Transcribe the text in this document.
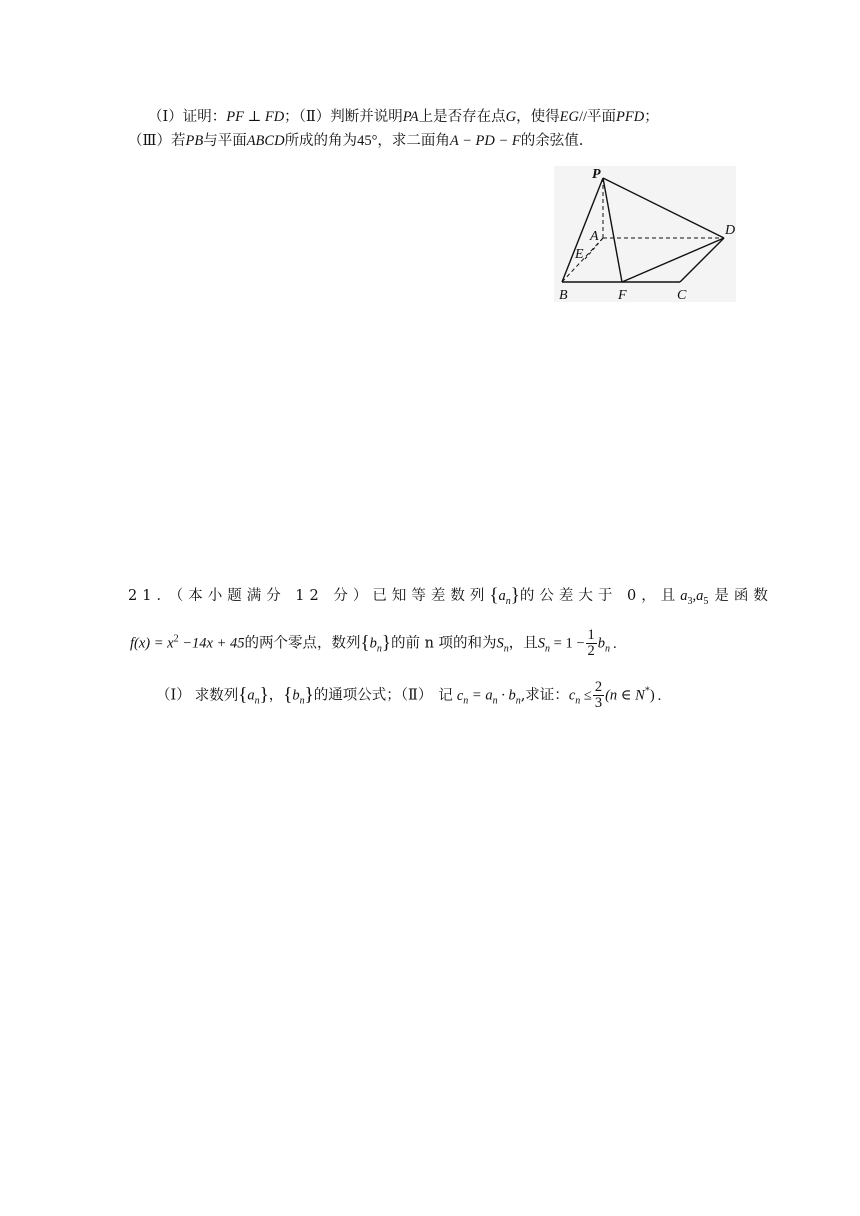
（Ⅰ）证明：PF ⊥ FD；（Ⅱ）判断并说明PA上是否存在点G，使得EG//平面PFD；
（Ⅲ）若PB与平面ABCD所成的角为45°，求二面角A − PD − F的余弦值.
P
A	D
E
B	F	C
21．（本小题满分 12 分）已知等差数列$\{a_n\}$的公差大于 0，且$a_3,a_5$ 是函数
$f(x) = x^2 -14x + 45$的两个零点，数列$\{b_n\}$的前 n 项的和为$S_n$，且$S_n = 1 - \frac{1}{2} b_n$ .
（Ⅰ） 求数列$\{a_n\}$，$\{b_n\}$的通项公式；（Ⅱ） 记 $c_n = a_n \cdot b_n$,求证：$c_n \le \frac{2}{3} (n$ ∈ N*) .
